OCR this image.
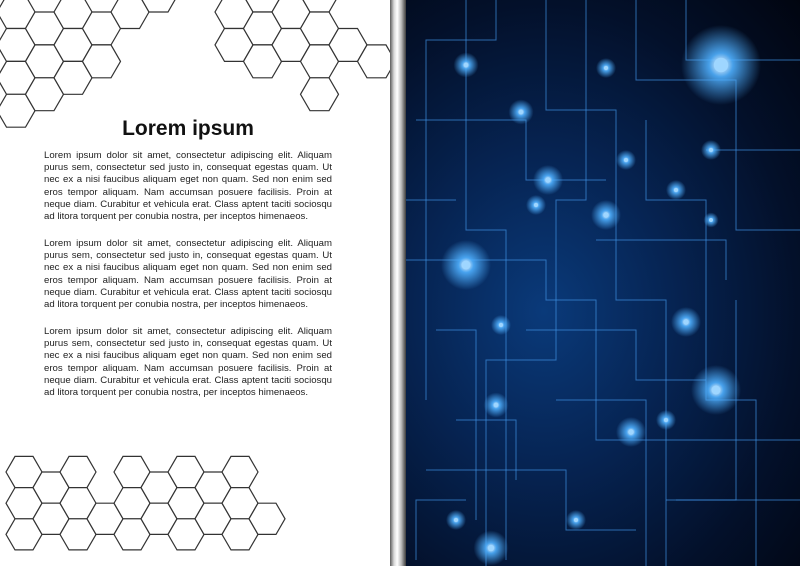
Lorem ipsum

Lorem ipsum dolor sit amet, consectetur adipiscing elit. Aliquam purus sem, consectetur sed justo in, consequat egestas quam. Ut nec ex a nisi faucibus aliquam eget non quam. Sed non enim sed eros tempor aliquam. Nam accumsan posuere facilisis. Proin at neque diam. Curabitur et vehicula erat. Class aptent taciti sociosqu ad litora torquent per conubia nostra, per inceptos himenaeos.

Lorem ipsum dolor sit amet, consectetur adipiscing elit. Aliquam purus sem, consectetur sed justo in, consequat egestas quam. Ut nec ex a nisi faucibus aliquam eget non quam. Sed non enim sed eros tempor aliquam. Nam accumsan posuere facilisis. Proin at neque diam. Curabitur et vehicula erat. Class aptent taciti sociosqu ad litora torquent per conubia nostra, per inceptos himenaeos.

Lorem ipsum dolor sit amet, consectetur adipiscing elit. Aliquam purus sem, consectetur sed justo in, consequat egestas quam. Ut nec ex a nisi faucibus aliquam eget non quam. Sed non enim sed eros tempor aliquam. Nam accumsan posuere facilisis. Proin at neque diam. Curabitur et vehicula erat. Class aptent taciti sociosqu ad litora torquent per conubia nostra, per inceptos himenaeos.
